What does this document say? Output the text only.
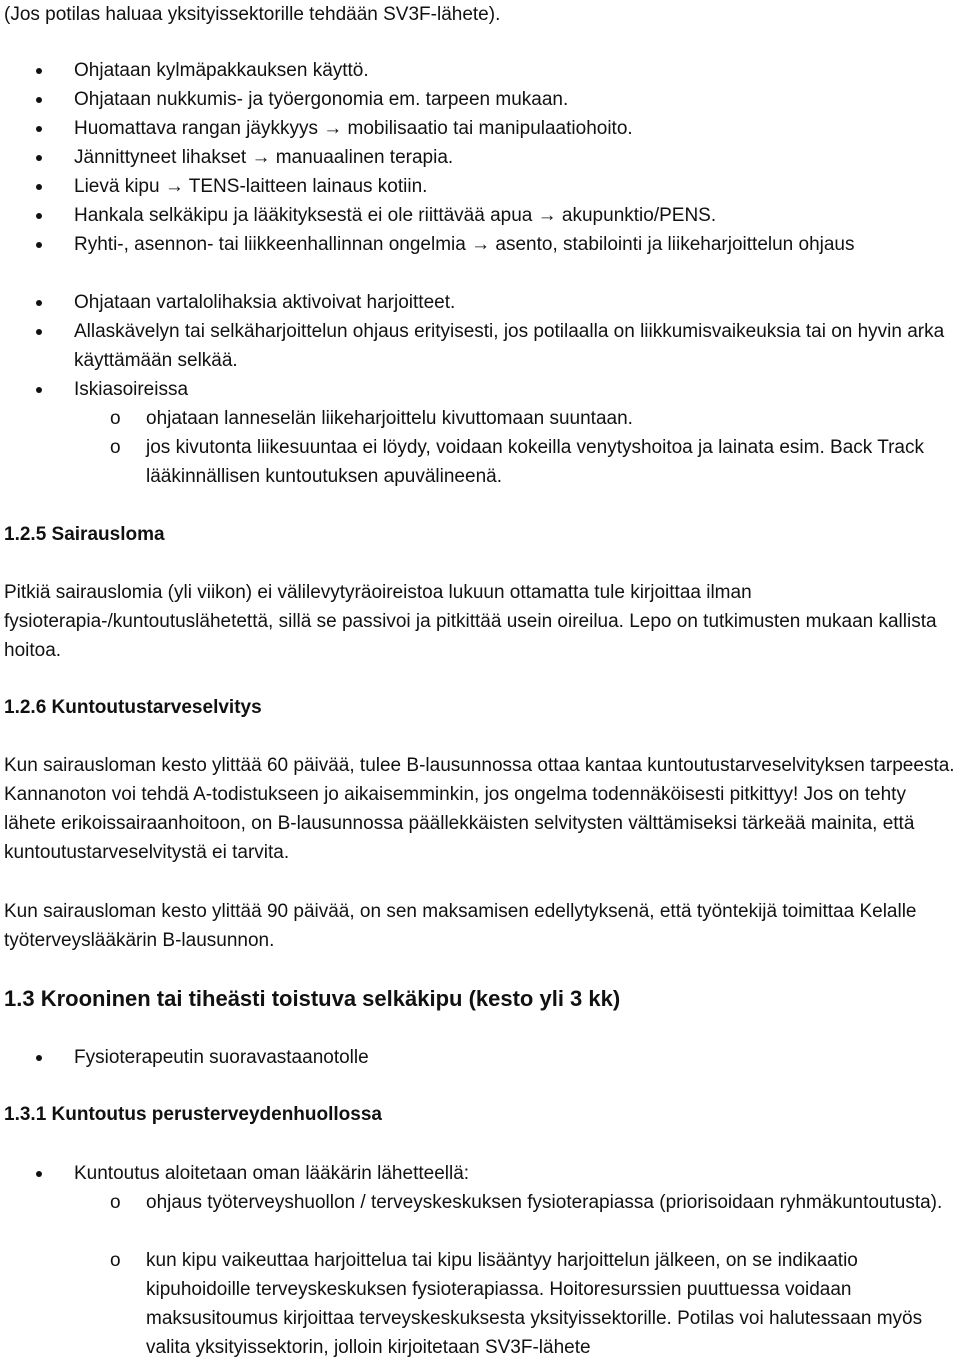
(Jos potilas haluaa yksityissektorille tehdään SV3F-lähete).
Ohjataan kylmäpakkauksen käyttö.
Ohjataan nukkumis- ja työergonomia em. tarpeen mukaan.
Huomattava rangan jäykkyys → mobilisaatio tai manipulaatiohoito.
Jännittyneet lihakset → manuaalinen terapia.
Lievä kipu → TENS-laitteen lainaus kotiin.
Hankala selkäkipu ja lääkityksestä ei ole riittävää apua → akupunktio/PENS.
Ryhti-, asennon- tai liikkeenhallinnan ongelmia → asento, stabilointi ja liikeharjoittelun ohjaus
Ohjataan vartalolihaksia aktivoivat harjoitteet.
Allaskävelyn tai selkäharjoittelun ohjaus erityisesti, jos potilaalla on liikkumisvaikeuksia tai on hyvin arka käyttämään selkää.
Iskiasoireissa
o ohjataan lanneselän liikeharjoittelu kivuttomaan suuntaan.
o jos kivutonta liikesuuntaa ei löydy, voidaan kokeilla venytyshoitoa ja lainata esim. Back Track lääkinnällisen kuntoutuksen apuvälineenä.
1.2.5 Sairausloma
Pitkiä sairauslomia (yli viikon) ei välilevytyräoireistoa lukuun ottamatta tule kirjoittaa ilman fysioterapia-/kuntoutuslähetettä, sillä se passivoi ja pitkittää usein oireilua. Lepo on tutkimusten mukaan kallista hoitoa.
1.2.6 Kuntoutustarveselvitys
Kun sairausloman kesto ylittää 60 päivää, tulee B-lausunnossa ottaa kantaa kuntoutustarveselvityksen tarpeesta. Kannanoton voi tehdä A-todistukseen jo aikaisemminkin, jos ongelma todennäköisesti pitkittyy! Jos on tehty lähete erikoissairaanhoitoon, on B-lausunnossa päällekkäisten selvitysten välttämiseksi tärkeää mainita, että kuntoutustarveselvitystä ei tarvita.
Kun sairausloman kesto ylittää 90 päivää, on sen maksamisen edellytyksenä, että työntekijä toimittaa Kelalle työterveyslääkärin B-lausunnon.
1.3 Krooninen tai tiheästi toistuva selkäkipu (kesto yli 3 kk)
Fysioterapeutin suoravastaanotolle
1.3.1 Kuntoutus perusterveydenhuollossa
Kuntoutus aloitetaan oman lääkärin lähetteellä:
o ohjaus työterveyshuollon / terveyskeskuksen fysioterapiassa (priorisoidaan ryhmäkuntoutusta).
o kun kipu vaikeuttaa harjoittelua tai kipu lisääntyy harjoittelun jälkeen, on se indikaatio kipuhoidoille terveyskeskuksen fysioterapiassa. Hoitoresurssien puuttuessa voidaan maksusitoumus kirjoittaa terveyskeskuksesta yksityissektorille. Potilas voi halutessaan myös valita yksityissektorin, jolloin kirjoitetaan SV3F-lähete
